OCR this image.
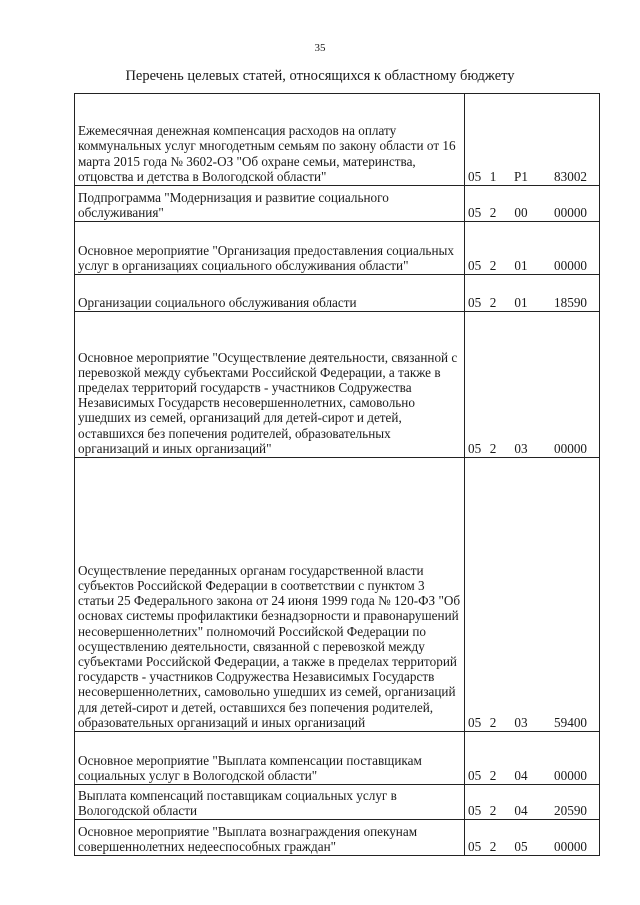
35
Перечень целевых статей, относящихся к областному бюджету
Ежемесячная денежная компенсация расходов на оплату коммунальных услуг многодетным семьям по закону области от 16 марта 2015 года № 3602-ОЗ "Об охране семьи, материнства, отцовства и детства в Вологодской области"	05 1 P1 83002
Подпрограмма "Модернизация и развитие социального обслуживания"	05 2 00 00000
Основное мероприятие "Организация предоставления социальных услуг в организациях социального обслуживания области"	05 2 01 00000
Организации социального обслуживания области	05 2 01 18590
Основное мероприятие "Осуществление деятельности, связанной с перевозкой между субъектами Российской Федерации, а также в пределах территорий государств - участников Содружества Независимых Государств несовершеннолетних, самовольно ушедших из семей, организаций для детей-сирот и детей, оставшихся без попечения родителей, образовательных организаций и иных организаций"	05 2 03 00000
Осуществление переданных органам государственной власти субъектов Российской Федерации в соответствии с пунктом 3 статьи 25 Федерального закона от 24 июня 1999 года № 120-ФЗ "Об основах системы профилактики безнадзорности и правонарушений несовершеннолетних" полномочий Российской Федерации по осуществлению деятельности, связанной с перевозкой между субъектами Российской Федерации, а также в пределах территорий государств - участников Содружества Независимых Государств несовершеннолетних, самовольно ушедших из семей, организаций для детей-сирот и детей, оставшихся без попечения родителей, образовательных организаций и иных организаций	05 2 03 59400
Основное мероприятие "Выплата компенсации поставщикам социальных услуг в Вологодской области"	05 2 04 00000
Выплата компенсаций поставщикам социальных услуг в Вологодской области	05 2 04 20590
Основное мероприятие "Выплата вознаграждения опекунам совершеннолетних недееспособных граждан"	05 2 05 00000
